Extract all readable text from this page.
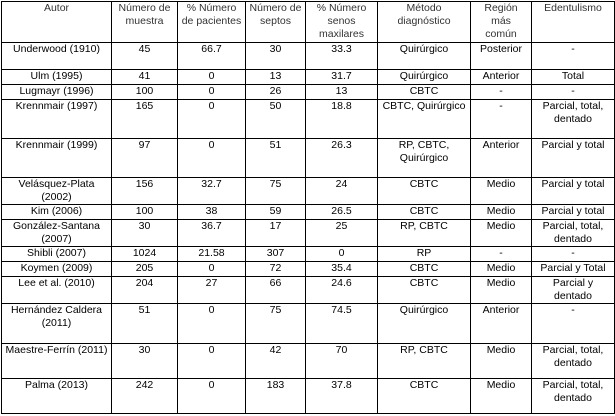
Autor	Número de muestra	% Número de pacientes	Número de septos	% Número senos maxilares	Método diagnóstico	Región más común	Edentulismo
Underwood (1910)	45	66.7	30	33.3	Quirúrgico	Posterior	-
Ulm (1995)	41	0	13	31.7	Quirúrgico	Anterior	Total
Lugmayr (1996)	100	0	26	13	CBTC	-	-
Krennmair (1997)	165	0	50	18.8	CBTC, Quirúrgico	-	Parcial, total, dentado
Krennmair (1999)	97	0	51	26.3	RP, CBTC, Quirúrgico	Anterior	Parcial y total
Velásquez-Plata (2002)	156	32.7	75	24	CBTC	Medio	Parcial y total
Kim (2006)	100	38	59	26.5	CBTC	Medio	Parcial y total
González-Santana (2007)	30	36.7	17	25	RP, CBTC	Medio	Parcial, total, dentado
Shibli (2007)	1024	21.58	307	0	RP	-	-
Koymen (2009)	205	0	72	35.4	CBTC	Medio	Parcial y Total
Lee et al. (2010)	204	27	66	24.6	CBTC	Medio	Parcial y dentado
Hernández Caldera (2011)	51	0	75	74.5	Quirúrgico	Anterior	-
Maestre-Ferrín (2011)	30	0	42	70	RP, CBTC	Medio	Parcial, total, dentado
Palma (2013)	242	0	183	37.8	CBTC	Medio	Parcial, total, dentado
